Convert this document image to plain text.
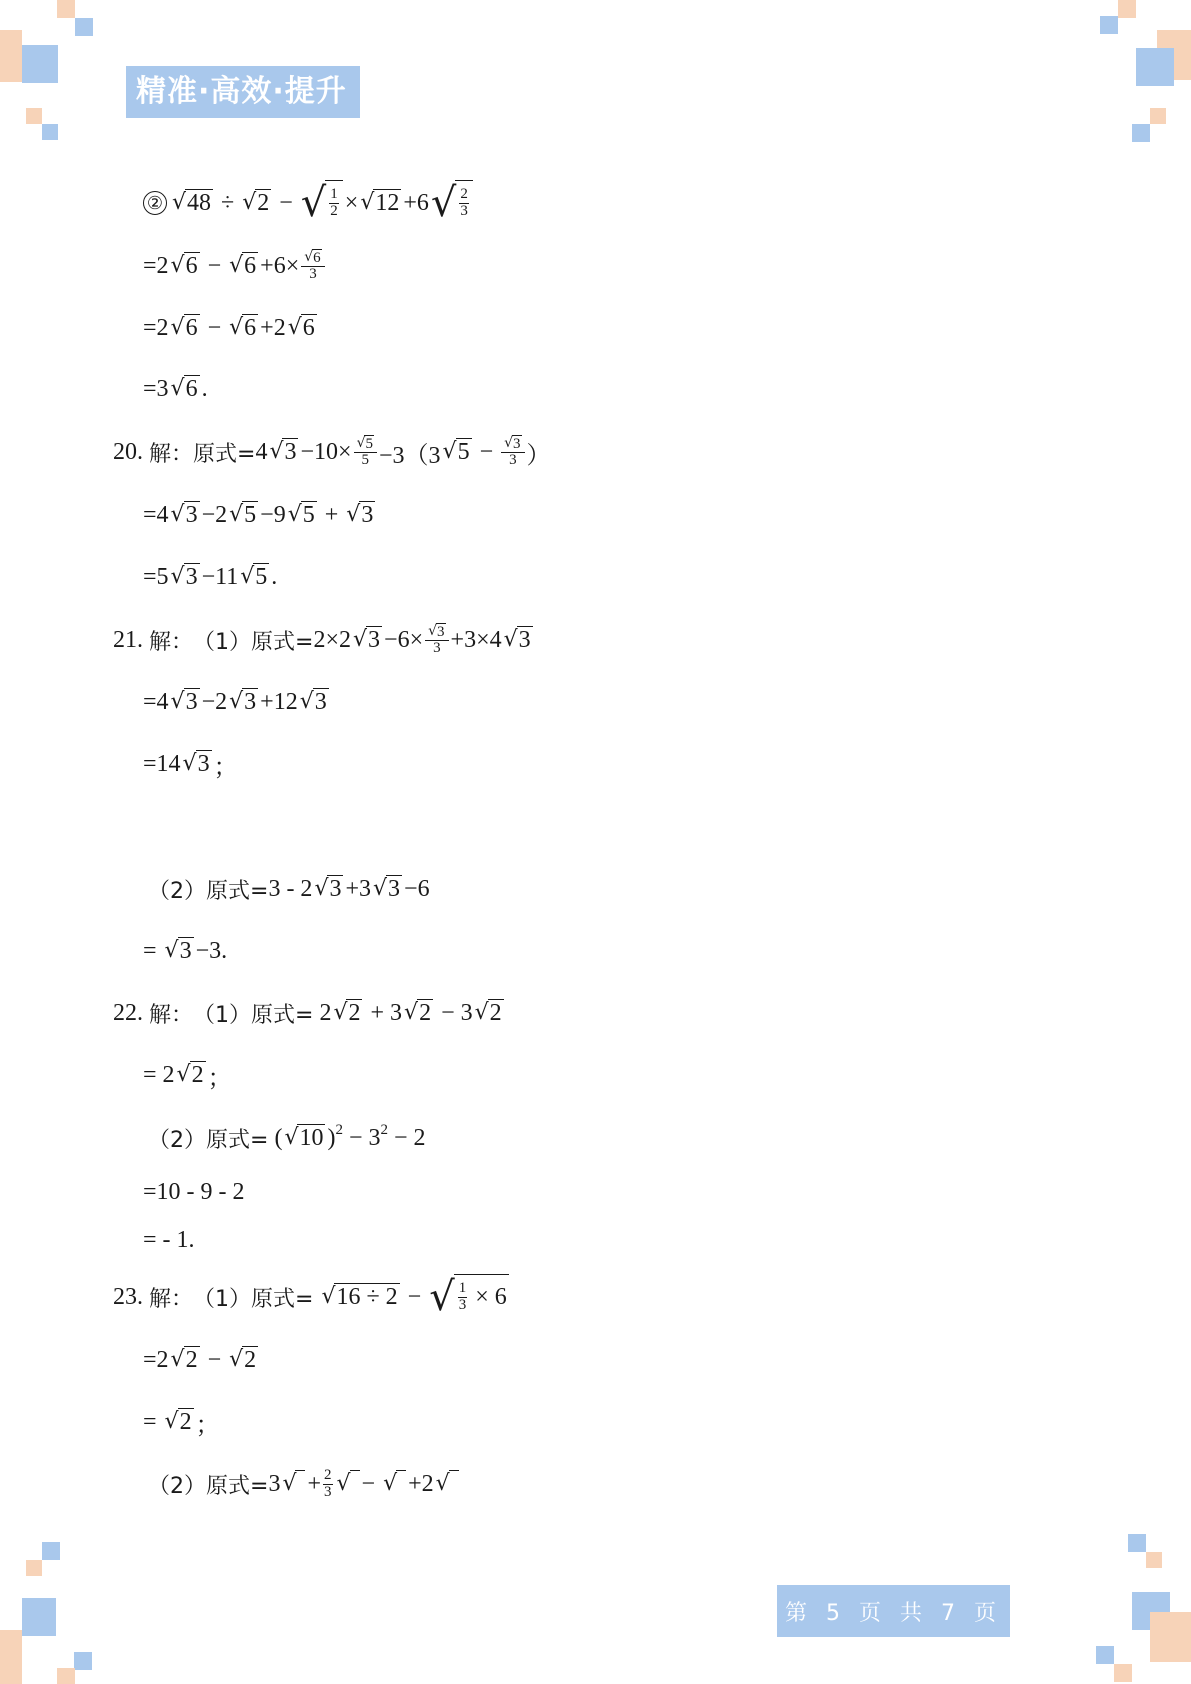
精准·高效·提升
② √ 48 ÷ √ 2 − √ $\frac{1}{2}$ × √ 12 +6 √ $\frac{2}{3}$
=2 √ 6 − √ $6 +6\times \frac{√ 6}{3}$
=2 √ 6 − √ 6 +2 √ 6
=3 √ 6 .
20. 解： 原式= 4 √ $3 -10\times \frac{√ 5}{5} -3(3$ √ $5 - \frac{√ 3}{3}$ ）
=4 √ 3 −2 √ 5 −9 √ 5 + √ 3
=5 √ 3 −11 √ 5 .
21. 解： （1） 原式= 2×2 √ $3 -6\times \frac{√ 3}{3} +3\times 4$ √ 3
=4 √ 3 −2 √ 3 +12 √ 3
=14 √ 3 ；
（2） 原式= 3 - 2 √ 3 +3 √ 3 −6
= √ 3 −3.
22. 解： （1） 原式= 2 √ 2 + 3 √ 2 − 3 √ 2
= 2 √ 2 ；
（2） 原式= ( √ 10 )$^2 - 3^2 - 2$
=10 - 9 - 2
= - 1.
23. 解： （1） 原式=
√ 16 ÷ 2 − √ $\frac{1}{3} \times 6$
=2 √ 2 − √ 2
= √ 2 ；
（2） 原式= 3 √
+ $\frac{2}{3}$ √
− √
+2 √

第 5 页 共 7 页
